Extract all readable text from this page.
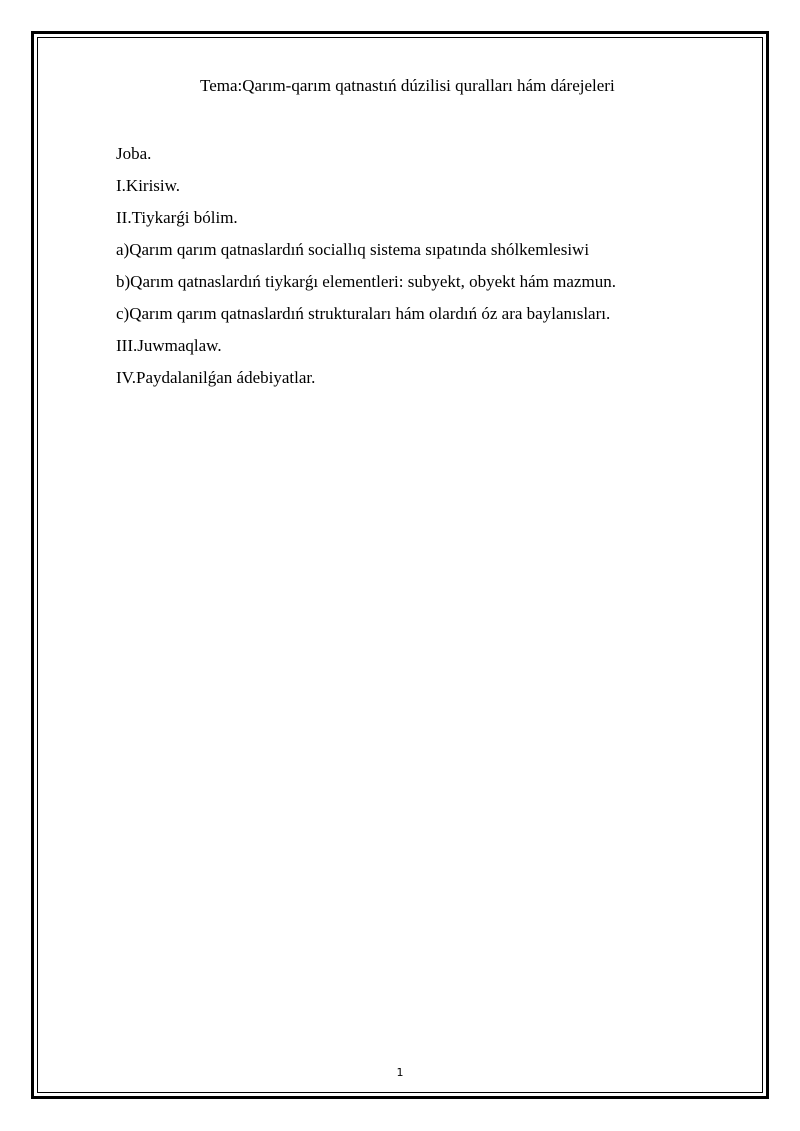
Tema:Qarım-qarım qatnastıń dúzilisi quralları hám dárejeleri
Joba.
I.Kirisiw.
II.Tiykarǵi bólim.
a)Qarım qarım qatnaslardıń sociallıq sistema sıpatında shólkemlesiwi
b)Qarım qatnaslardıń tiykarǵı elementleri: subyekt, obyekt hám mazmun.
c)Qarım qarım qatnaslardıń strukturaları hám olardıń óz ara baylanısları.
III.Juwmaqlaw.
IV.Paydalanilǵan ádebiyatlar.
1
